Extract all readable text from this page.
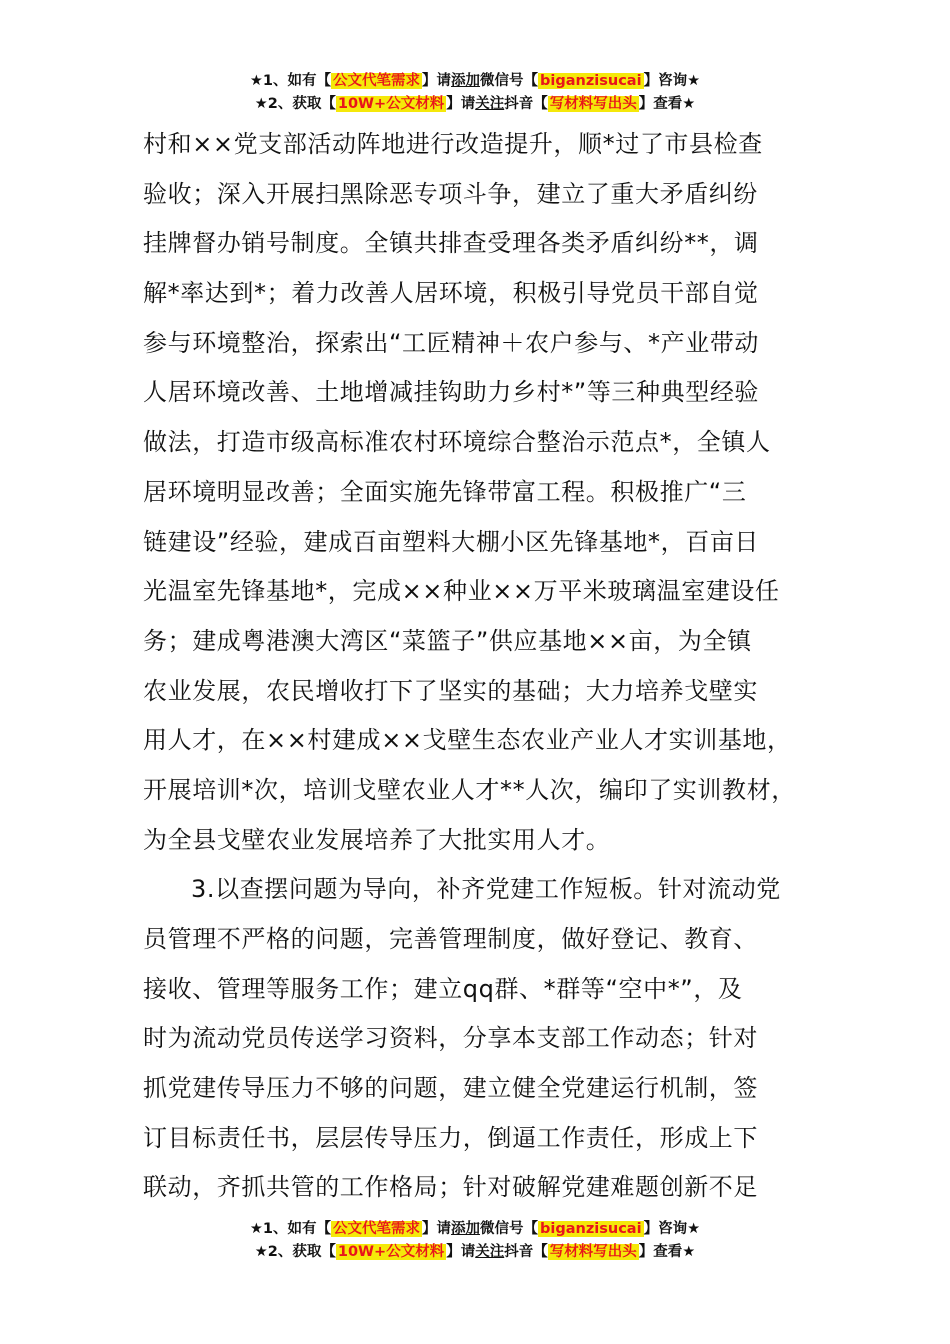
★1、如有【 公文代笔需求 】请添加微信号【 biganzisucai 】咨询★
★2、获取【 10W+公文材料 】请关注抖音【 写材料写出头 】查看★
村和××党支部活动阵地进行改造提升，顺*过了市县检查
验收；深入开展扫黑除恶专项斗争，建立了重大矛盾纠纷
挂牌督办销号制度。全镇共排查受理各类矛盾纠纷**，调
解*率达到*；着力改善人居环境，积极引导党员干部自觉
参与环境整治，探索出“工匠精神＋农户参与、*产业带动
人居环境改善、土地增减挂钩助力乡村*”等三种典型经验
做法，打造市级高标准农村环境综合整治示范点*，全镇人
居环境明显改善；全面实施先锋带富工程。积极推广“三
链建设”经验，建成百亩塑料大棚小区先锋基地*，百亩日
光温室先锋基地*，完成××种业××万平米玻璃温室建设任
务；建成粤港澳大湾区“菜篮子”供应基地××亩，为全镇
农业发展，农民增收打下了坚实的基础；大力培养戈壁实
用人才，在××村建成××戈壁生态农业产业人才实训基地，
开展培训*次，培训戈壁农业人才**人次，编印了实训教材，
为全县戈壁农业发展培养了大批实用人才。
3.以查摆问题为导向，补齐党建工作短板。针对流动党
员管理不严格的问题，完善管理制度，做好登记、教育、
接收、管理等服务工作；建立qq群、*群等“空中*”，及
时为流动党员传送学习资料，分享本支部工作动态；针对
抓党建传导压力不够的问题，建立健全党建运行机制，签
订目标责任书，层层传导压力，倒逼工作责任，形成上下
联动，齐抓共管的工作格局；针对破解党建难题创新不足
★1、如有【 公文代笔需求 】请添加微信号【 biganzisucai 】咨询★
★2、获取【 10W+公文材料 】请关注抖音【 写材料写出头 】查看★
